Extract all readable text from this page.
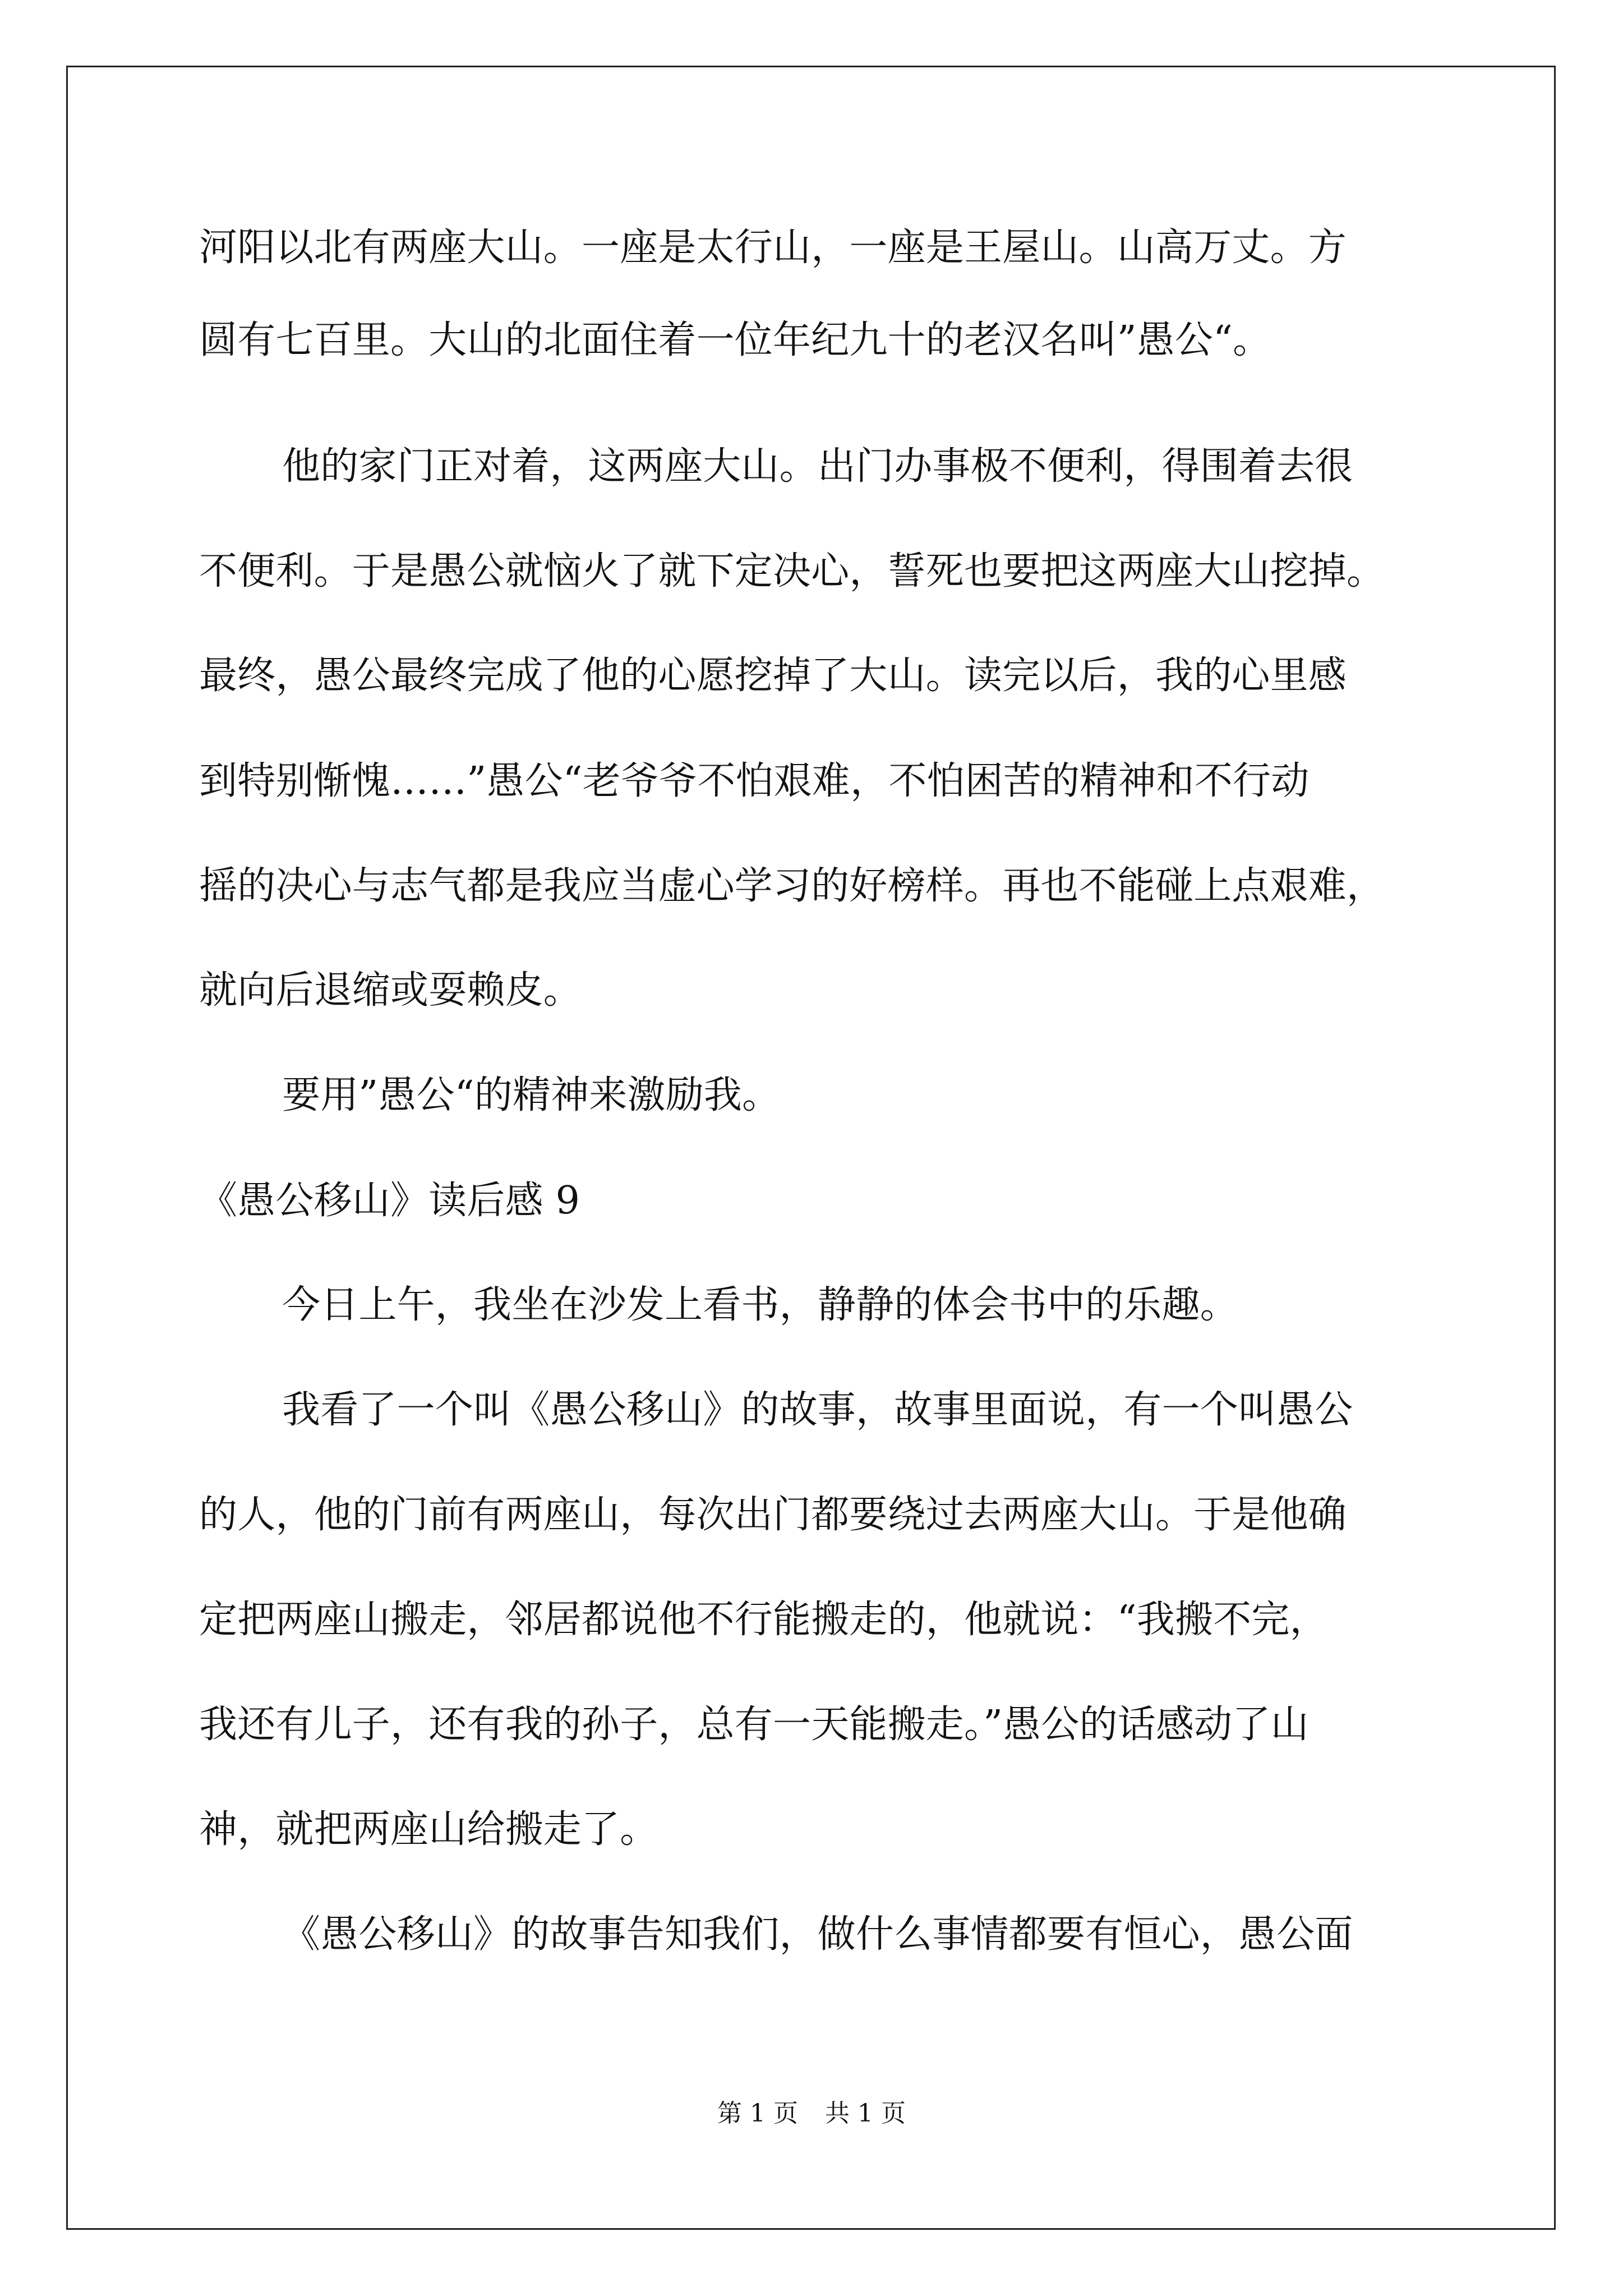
河阳以北有两座大山。一座是太行山，一座是王屋山。山高万丈。方
圆有七百里。大山的北面住着一位年纪九十的老汉名叫”愚公“。
他的家门正对着，这两座大山。出门办事极不便利，得围着去很
不便利。于是愚公就恼火了就下定决心，誓死也要把这两座大山挖掉。
最终，愚公最终完成了他的心愿挖掉了大山。读完以后，我的心里感
到特别惭愧……”愚公“老爷爷不怕艰难，不怕困苦的精神和不行动
摇的决心与志气都是我应当虚心学习的好榜样。再也不能碰上点艰难，
就向后退缩或耍赖皮。
要用”愚公“的精神来激励我。
《愚公移山》读后感 9
今日上午，我坐在沙发上看书，静静的体会书中的乐趣。
我看了一个叫《愚公移山》的故事，故事里面说，有一个叫愚公
的人，他的门前有两座山，每次出门都要绕过去两座大山。于是他确
定把两座山搬走，邻居都说他不行能搬走的，他就说：“我搬不完，
我还有儿子，还有我的孙子，总有一天能搬走。”愚公的话感动了山
神，就把两座山给搬走了。
《愚公移山》的故事告知我们，做什么事情都要有恒心，愚公面
第 1 页 共 1 页
